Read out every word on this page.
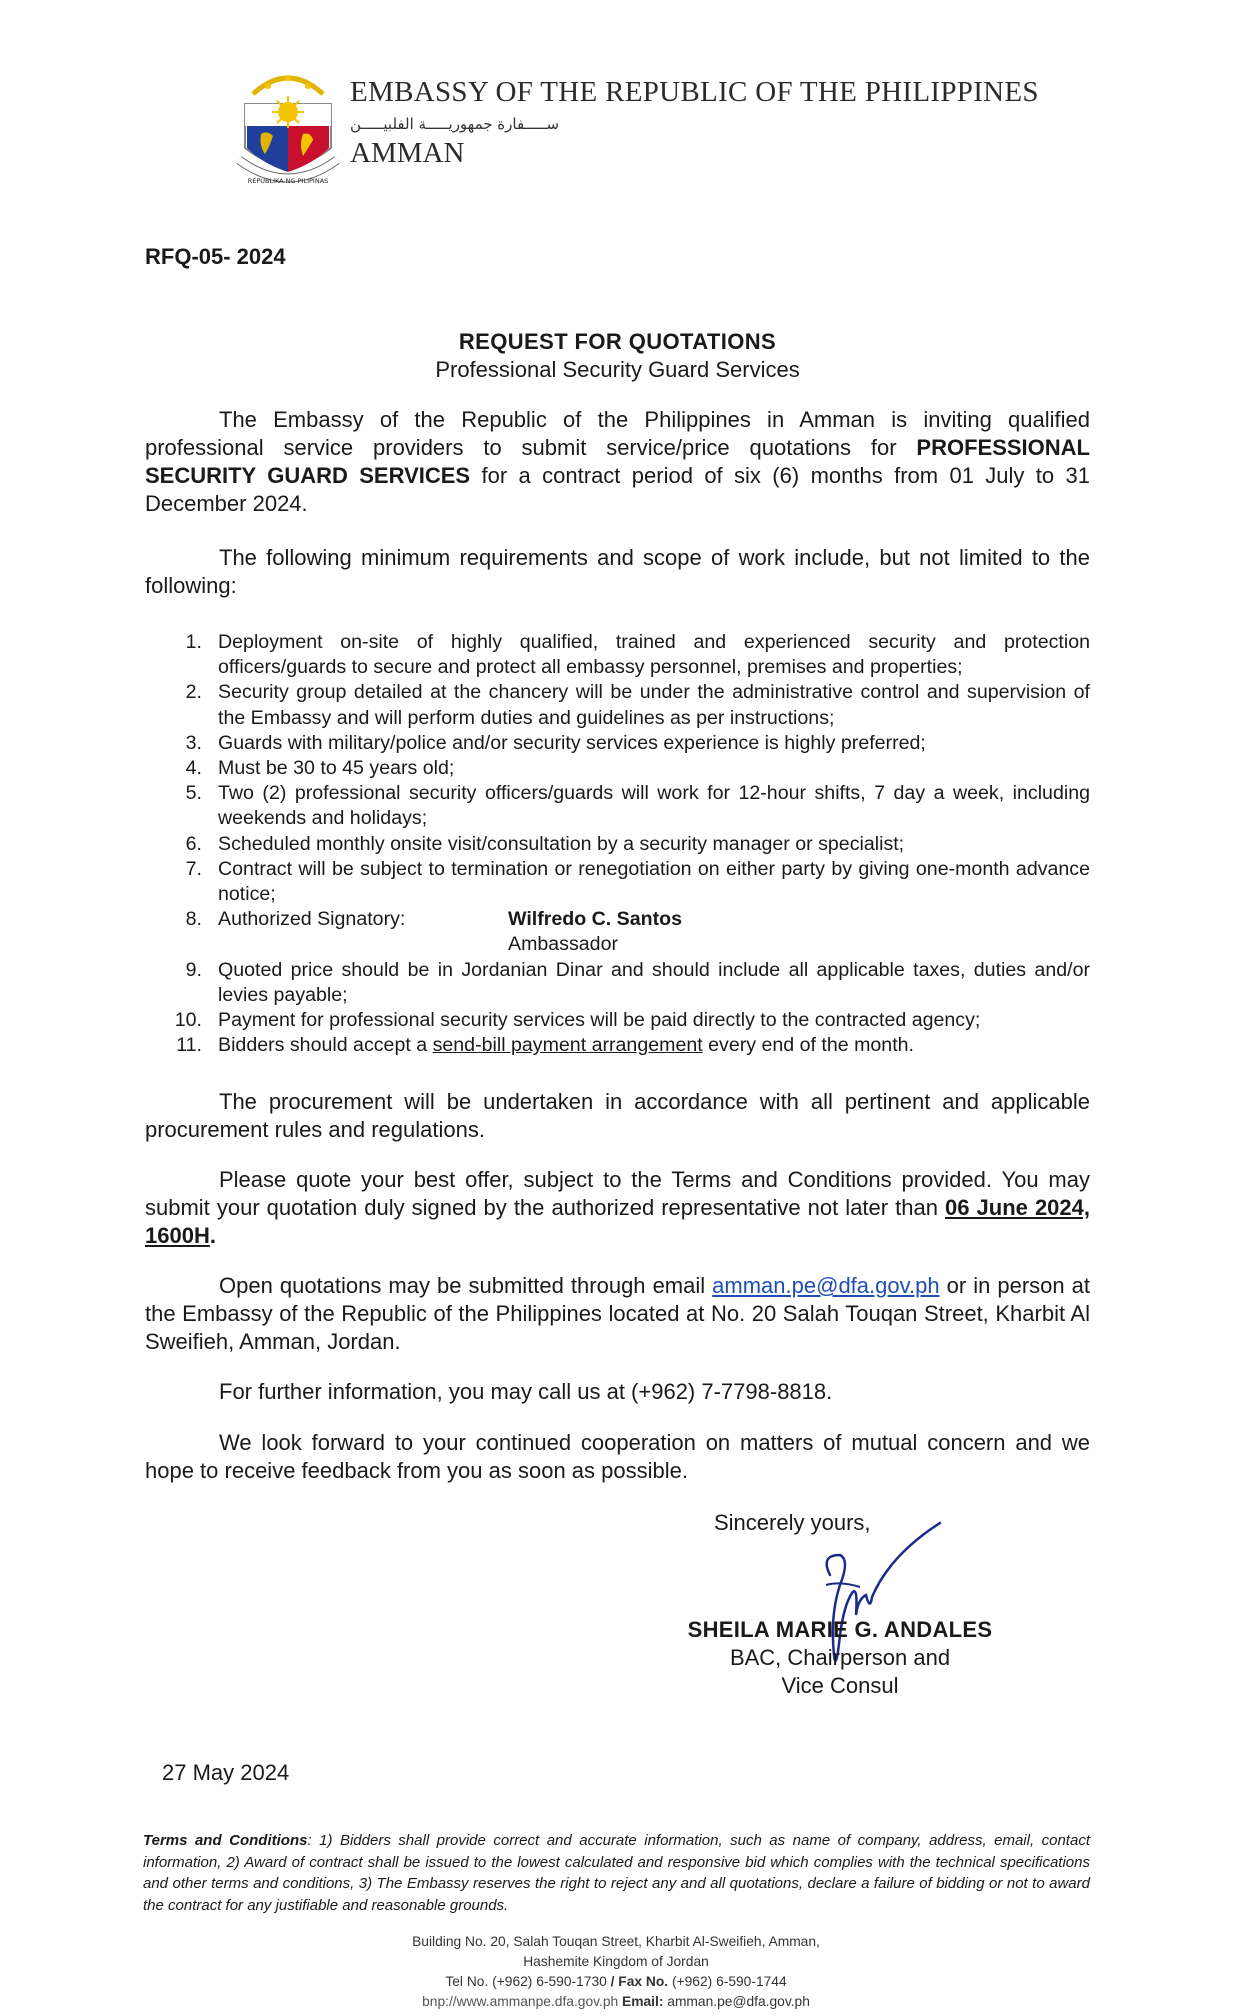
REPUBLIKA NG PILIPINAS
EMBASSY OF THE REPUBLIC OF THE PHILIPPINES
ســـــفارة جمهوريـــــة الفلبيـــــن
AMMAN
RFQ-05- 2024
REQUEST FOR QUOTATIONS
Professional Security Guard Services
The Embassy of the Republic of the Philippines in Amman is inviting qualified professional service providers to submit service/price quotations for PROFESSIONAL SECURITY GUARD SERVICES for a contract period of six (6) months from 01 July to 31 December 2024.
The following minimum requirements and scope of work include, but not limited to the following:
1. Deployment on-site of highly qualified, trained and experienced security and protection officers/guards to secure and protect all embassy personnel, premises and properties;
2. Security group detailed at the chancery will be under the administrative control and supervision of the Embassy and will perform duties and guidelines as per instructions;
3. Guards with military/police and/or security services experience is highly preferred;
4. Must be 30 to 45 years old;
5. Two (2) professional security officers/guards will work for 12-hour shifts, 7 day a week, including weekends and holidays;
6. Scheduled monthly onsite visit/consultation by a security manager or specialist;
7. Contract will be subject to termination or renegotiation on either party by giving one-month advance notice;
8. Authorized Signatory:	Wilfredo C. Santos
Ambassador
9. Quoted price should be in Jordanian Dinar and should include all applicable taxes, duties and/or levies payable;
10. Payment for professional security services will be paid directly to the contracted agency;
11. Bidders should accept a send-bill payment arrangement every end of the month.
The procurement will be undertaken in accordance with all pertinent and applicable procurement rules and regulations.
Please quote your best offer, subject to the Terms and Conditions provided. You may submit your quotation duly signed by the authorized representative not later than 06 June 2024, 1600H.
Open quotations may be submitted through email amman.pe@dfa.gov.ph or in person at the Embassy of the Republic of the Philippines located at No. 20 Salah Touqan Street, Kharbit Al Sweifieh, Amman, Jordan.
For further information, you may call us at (+962) 7-7798-8818.
We look forward to your continued cooperation on matters of mutual concern and we hope to receive feedback from you as soon as possible.
Sincerely yours,
SHEILA MARIE G. ANDALES
BAC, Chairperson and
Vice Consul
27 May 2024
Terms and Conditions: 1) Bidders shall provide correct and accurate information, such as name of company, address, email, contact information, 2) Award of contract shall be issued to the lowest calculated and responsive bid which complies with the technical specifications and other terms and conditions, 3) The Embassy reserves the right to reject any and all quotations, declare a failure of bidding or not to award the contract for any justifiable and reasonable grounds.
Building No. 20, Salah Touqan Street, Kharbit Al-Sweifieh, Amman,
Hashemite Kingdom of Jordan
Tel No. (+962) 6-590-1730 / Fax No. (+962) 6-590-1744
bnp://www.ammanpe.dfa.gov.ph Email: amman.pe@dfa.gov.ph
